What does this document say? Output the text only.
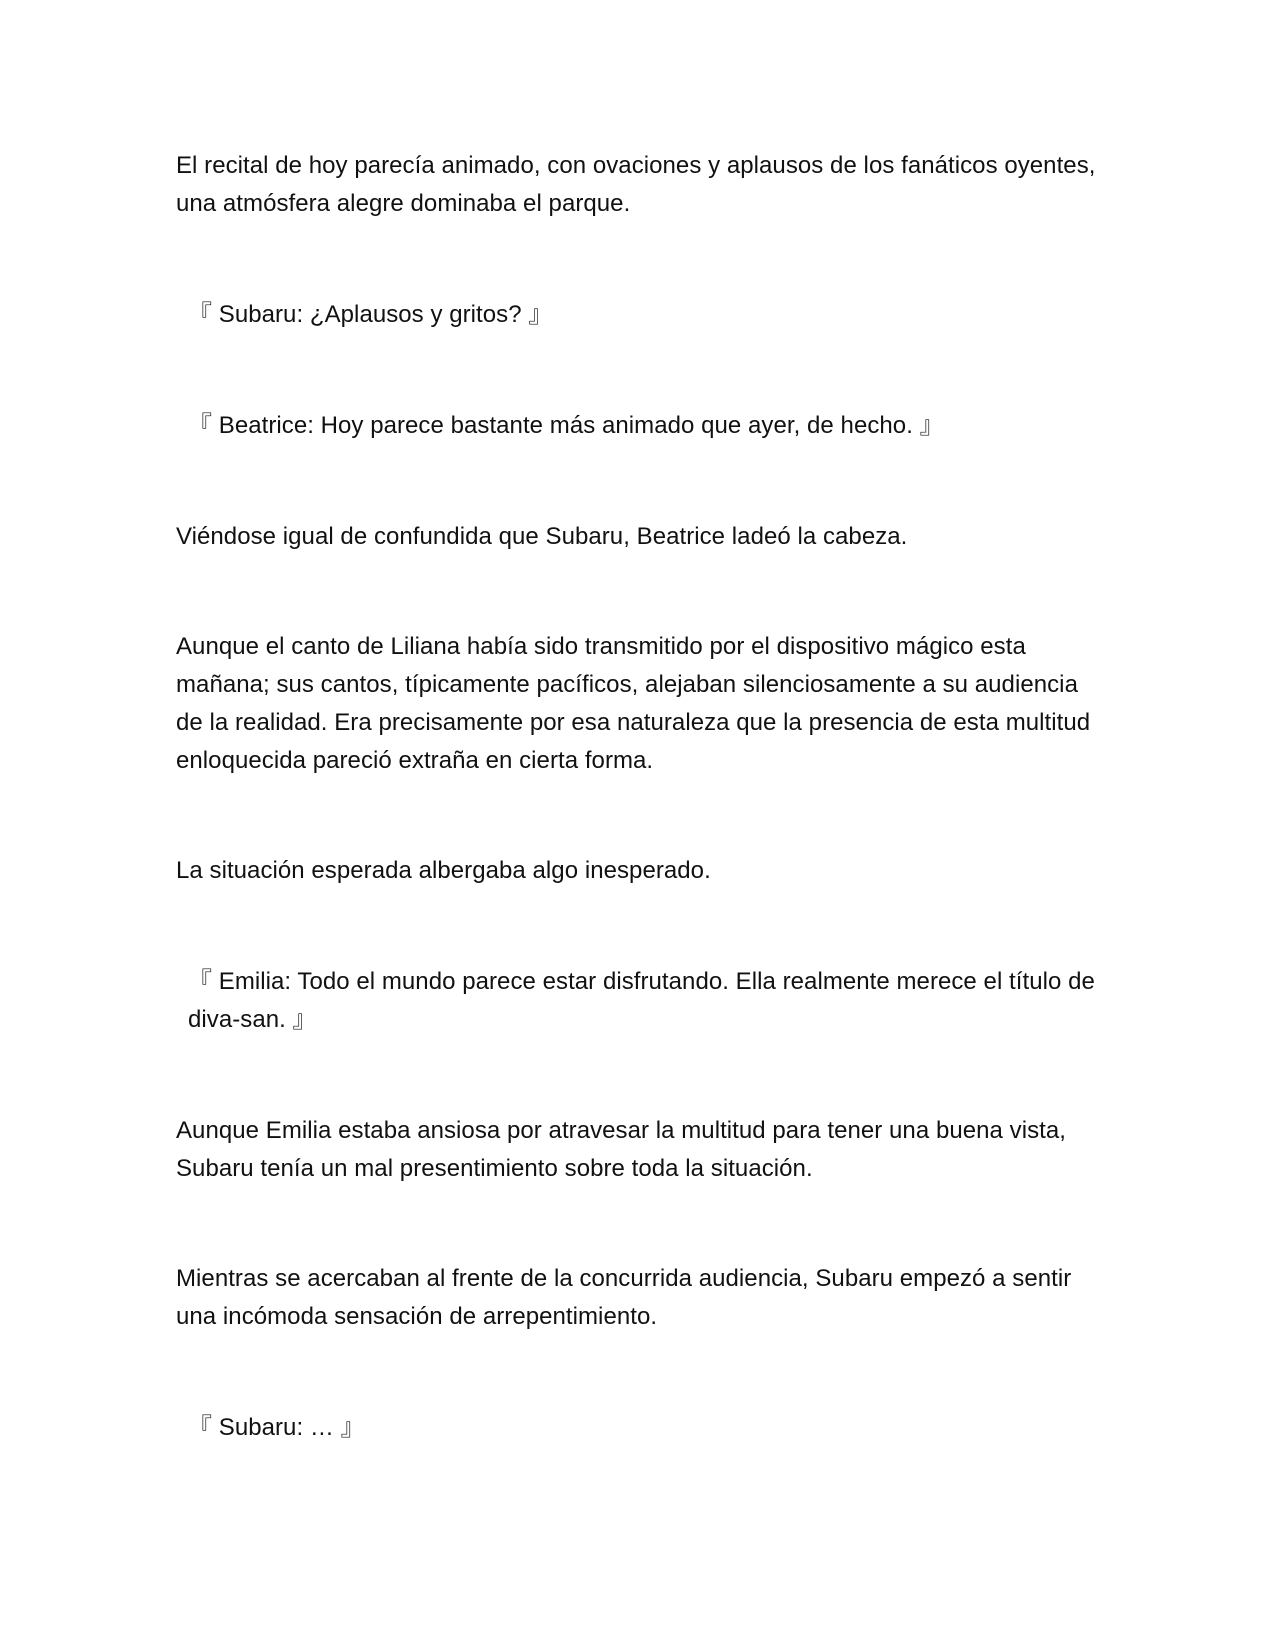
El recital de hoy parecía animado, con ovaciones y aplausos de los fanáticos oyentes, una atmósfera alegre dominaba el parque.

『 Subaru: ¿Aplausos y gritos? 』

『 Beatrice: Hoy parece bastante más animado que ayer, de hecho. 』

Viéndose igual de confundida que Subaru, Beatrice ladeó la cabeza.

Aunque el canto de Liliana había sido transmitido por el dispositivo mágico esta mañana; sus cantos, típicamente pacíficos, alejaban silenciosamente a su audiencia de la realidad. Era precisamente por esa naturaleza que la presencia de esta multitud enloquecida pareció extraña en cierta forma.

La situación esperada albergaba algo inesperado.

『 Emilia: Todo el mundo parece estar disfrutando. Ella realmente merece el título de diva-san. 』

Aunque Emilia estaba ansiosa por atravesar la multitud para tener una buena vista, Subaru tenía un mal presentimiento sobre toda la situación.

Mientras se acercaban al frente de la concurrida audiencia, Subaru empezó a sentir una incómoda sensación de arrepentimiento.

『 Subaru: … 』
